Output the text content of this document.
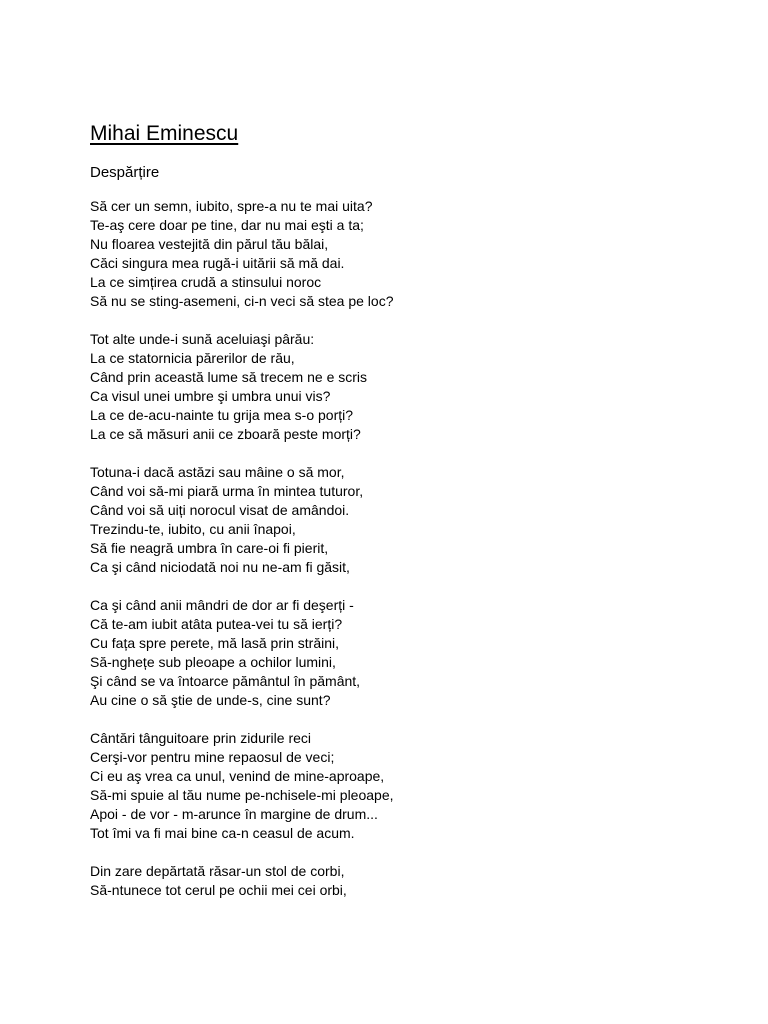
Mihai Eminescu
Despărțire
Să cer un semn, iubito, spre-a nu te mai uita?
Te-aş cere doar pe tine, dar nu mai eşti a ta;
Nu floarea vestejită din părul tău bălai,
Căci singura mea rugă-i uitării să mă dai.
La ce simțirea crudă a stinsului noroc
Să nu se sting-asemeni, ci-n veci să stea pe loc?
Tot alte unde-i sună aceluiaşi pârău:
La ce statornicia părerilor de rău,
Când prin această lume să trecem ne e scris
Ca visul unei umbre şi umbra unui vis?
La ce de-acu-nainte tu grija mea s-o porți?
La ce să măsuri anii ce zboară peste morți?
Totuna-i dacă astăzi sau mâine o să mor,
Când voi să-mi piară urma în mintea tuturor,
Când voi să uiți norocul visat de amândoi.
Trezindu-te, iubito, cu anii înapoi,
Să fie neagră umbra în care-oi fi pierit,
Ca şi când niciodată noi nu ne-am fi găsit,
Ca şi când anii mândri de dor ar fi deşerți -
Că te-am iubit atâta putea-vei tu să ierți?
Cu fața spre perete, mă lasă prin străini,
Să-nghețe sub pleoape a ochilor lumini,
Şi când se va întoarce pământul în pământ,
Au cine o să ştie de unde-s, cine sunt?
Cântări tânguitoare prin zidurile reci
Cerşi-vor pentru mine repaosul de veci;
Ci eu aş vrea ca unul, venind de mine-aproape,
Să-mi spuie al tău nume pe-nchisele-mi pleoape,
Apoi - de vor - m-arunce în margine de drum...
Tot îmi va fi mai bine ca-n ceasul de acum.
Din zare depărtată răsar-un stol de corbi,
Să-ntunece tot cerul pe ochii mei cei orbi,
